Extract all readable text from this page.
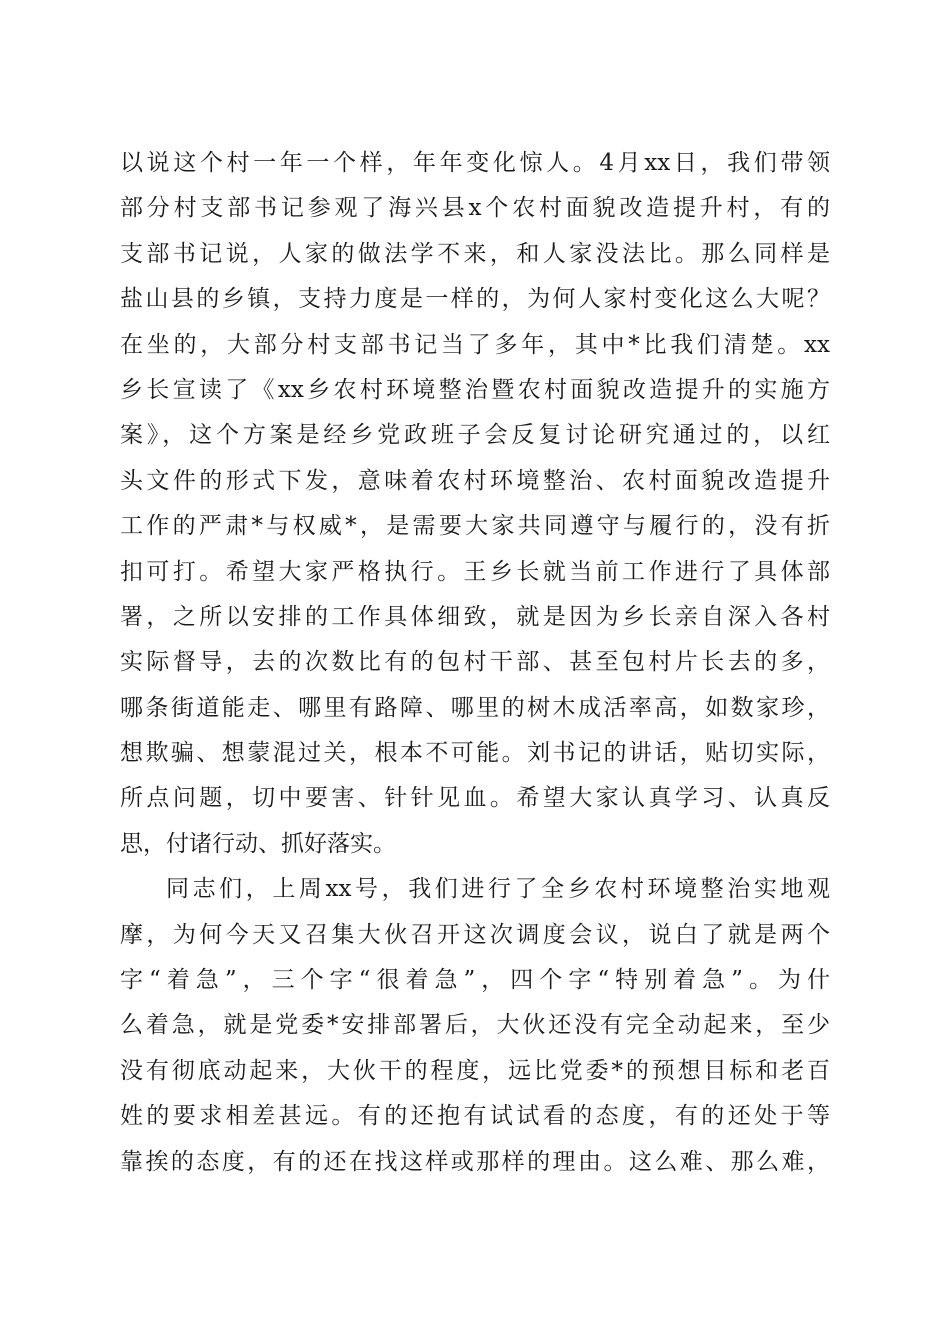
以说这个村一年一个样，年年变化惊人。4月xx日，我们带领
部分村支部书记参观了海兴县x个农村面貌改造提升村，有的
支部书记说，人家的做法学不来，和人家没法比。那么同样是
盐山县的乡镇，支持力度是一样的，为何人家村变化这么大呢？
在坐的，大部分村支部书记当了多年，其中*比我们清楚。xx
乡长宣读了《xx乡农村环境整治暨农村面貌改造提升的实施方
案》，这个方案是经乡党政班子会反复讨论研究通过的，以红
头文件的形式下发，意味着农村环境整治、农村面貌改造提升
工作的严肃*与权威*，是需要大家共同遵守与履行的，没有折
扣可打。希望大家严格执行。王乡长就当前工作进行了具体部
署，之所以安排的工作具体细致，就是因为乡长亲自深入各村
实际督导，去的次数比有的包村干部、甚至包村片长去的多，
哪条街道能走、哪里有路障、哪里的树木成活率高，如数家珍，
想欺骗、想蒙混过关，根本不可能。刘书记的讲话，贴切实际，
所点问题，切中要害、针针见血。希望大家认真学习、认真反
思，付诸行动、抓好落实。
同志们，上周xx号，我们进行了全乡农村环境整治实地观
摩，为何今天又召集大伙召开这次调度会议，说白了就是两个
字“着急”，三个字“很着急”，四个字“特别着急”。为什
么着急，就是党委*安排部署后，大伙还没有完全动起来，至少
没有彻底动起来，大伙干的程度，远比党委*的预想目标和老百
姓的要求相差甚远。有的还抱有试试看的态度，有的还处于等
靠挨的态度，有的还在找这样或那样的理由。这么难、那么难，
